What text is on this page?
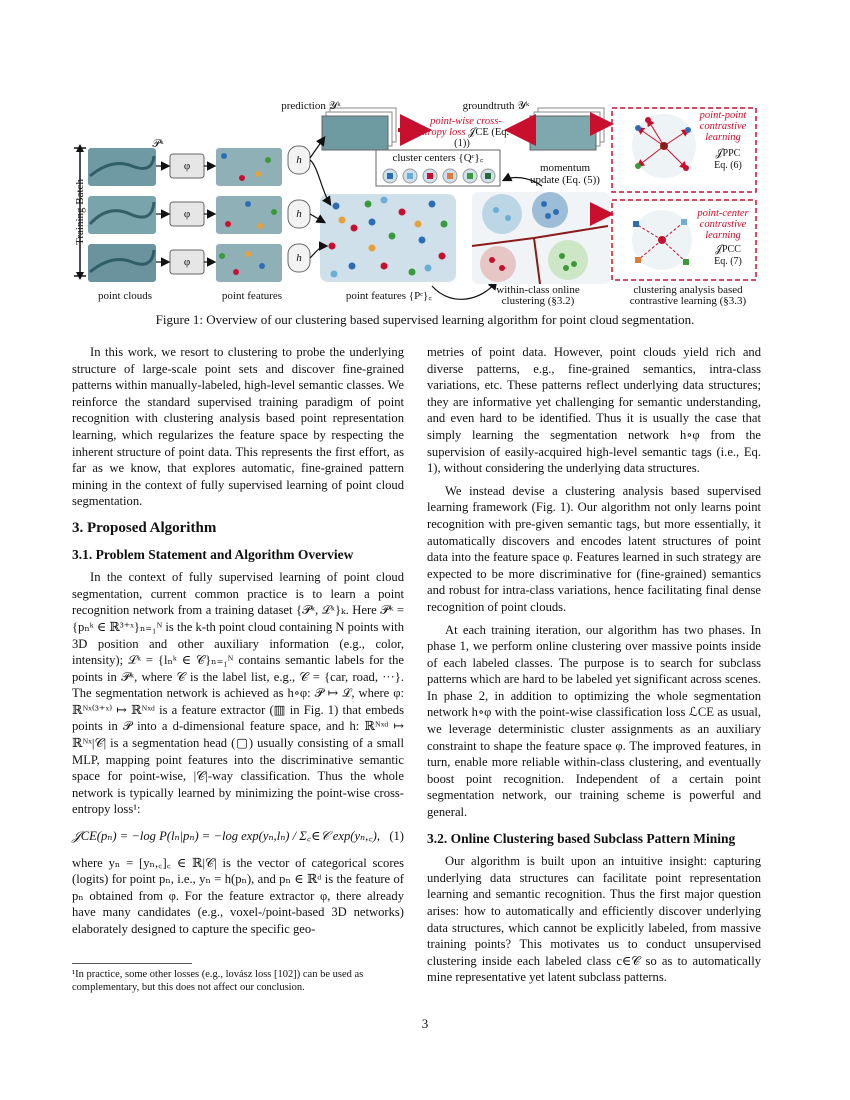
prediction 𝒴ᵏ	groundtruth 𝒴ᵏ
𝒫ᵏ
Training Batch
cluster centers {Qᶜ}꜀
momentum
update (Eq. (5))
point-wise cross-
entropy loss 𝒥CE (Eq. (1))
point-point
contrastive
learning
𝒥PPC
Eq. (6)
point-center
contrastive
learning
𝒥PCC
Eq. (7)
point clouds	point features	point features {Pᶜ}꜀	within-class online
clustering (§3.2)
clustering analysis based
contrastive learning (§3.3)
φ
φ
φ
h
h
h
Figure 1: Overview of our clustering based supervised learning algorithm for point cloud segmentation.

In this work, we resort to clustering to probe the underlying structure of large-scale point sets and discover fine-grained patterns within manually-labeled, high-level semantic classes. We reinforce the standard supervised training paradigm of point recognition with clustering analysis based point representation learning, which regularizes the feature space by respecting the inherent structure of point data. This represents the first effort, as far as we know, that explores automatic, fine-grained pattern mining in the context of fully supervised learning of point cloud segmentation.

3. Proposed Algorithm
3.1. Problem Statement and Algorithm Overview

In the context of fully supervised learning of point cloud segmentation, current common practice is to learn a point recognition network from a training dataset {𝒫ᵏ, ℒᵏ}ₖ. Here 𝒫ᵏ = {pₙᵏ ∈ ℝ³⁺ˣ}ₙ₌₁ᴺ is the k-th point cloud containing N points with 3D position and other auxiliary information (e.g., color, intensity); ℒᵏ = {lₙᵏ ∈ 𝒞}ₙ₌₁ᴺ contains semantic labels for the points in 𝒫ᵏ, where 𝒞 is the label list, e.g., 𝒞 = {car, road, ···}. The segmentation network is achieved as h∘φ: 𝒫 ↦ ℒ, where φ: ℝᴺˣ⁽³⁺ˣ⁾ ↦ ℝᴺˣᵈ is a feature extractor (▥ in Fig. 1) that embeds points in 𝒫 into a d-dimensional feature space, and h: ℝᴺˣᵈ ↦ ℝᴺˣ|𝒞| is a segmentation head (▢) usually consisting of a small MLP, mapping point features into the discriminative semantic space for point-wise, |𝒞|-way classification. Thus the whole network is typically learned by minimizing the point-wise cross-entropy loss¹:

𝒥CE(pₙ) = −log P(lₙ|pₙ) = −log exp(yₙ,lₙ) / Σ꜀∈𝒞 exp(yₙ,꜀), (1)

where yₙ = [yₙ,꜀]꜀ ∈ ℝ|𝒞| is the vector of categorical scores (logits) for point pₙ, i.e., yₙ = h(pₙ), and pₙ ∈ ℝᵈ is the feature of pₙ obtained from φ. For the feature extractor φ, there already have many candidates (e.g., voxel-/point-based 3D networks) elaborately designed to capture the specific geo-

¹In practice, some other losses (e.g., lovász loss [102]) can be used as complementary, but this does not affect our conclusion.

metries of point data. However, point clouds yield rich and diverse patterns, e.g., fine-grained semantics, intra-class variations, etc. These patterns reflect underlying data structures; they are informative yet challenging for semantic understanding, and even hard to be identified. Thus it is usually the case that simply learning the segmentation network h∘φ from the supervision of easily-acquired high-level semantic tags (i.e., Eq. 1), without considering the underlying data structures.

We instead devise a clustering analysis based supervised learning framework (Fig. 1). Our algorithm not only learns point recognition with pre-given semantic tags, but more essentially, it automatically discovers and encodes latent structures of point data into the feature space φ. Features learned in such strategy are expected to be more discriminative for (fine-grained) semantics and robust for intra-class variations, hence facilitating final dense recognition of point clouds.

At each training iteration, our algorithm has two phases. In phase 1, we perform online clustering over massive points inside of each labeled classes. The purpose is to search for subclass patterns which are hard to be labeled yet significant across scenes. In phase 2, in addition to optimizing the whole segmentation network h∘φ with the point-wise classification loss ℒCE as usual, we leverage deterministic cluster assignments as an auxiliary constraint to shape the feature space φ. The improved features, in turn, enable more reliable within-class clustering, and eventually boost point recognition. Independent of a certain point segmentation network, our training scheme is powerful and general.

3.2. Online Clustering based Subclass Pattern Mining

Our algorithm is built upon an intuitive insight: capturing underlying data structures can facilitate point representation learning and semantic recognition. Thus the first major question arises: how to automatically and efficiently discover underlying data structures, which cannot be explicitly labeled, from massive training points? This motivates us to conduct unsupervised clustering inside each labeled class c∈𝒞 so as to automatically mine representative yet latent subclass patterns.

3
